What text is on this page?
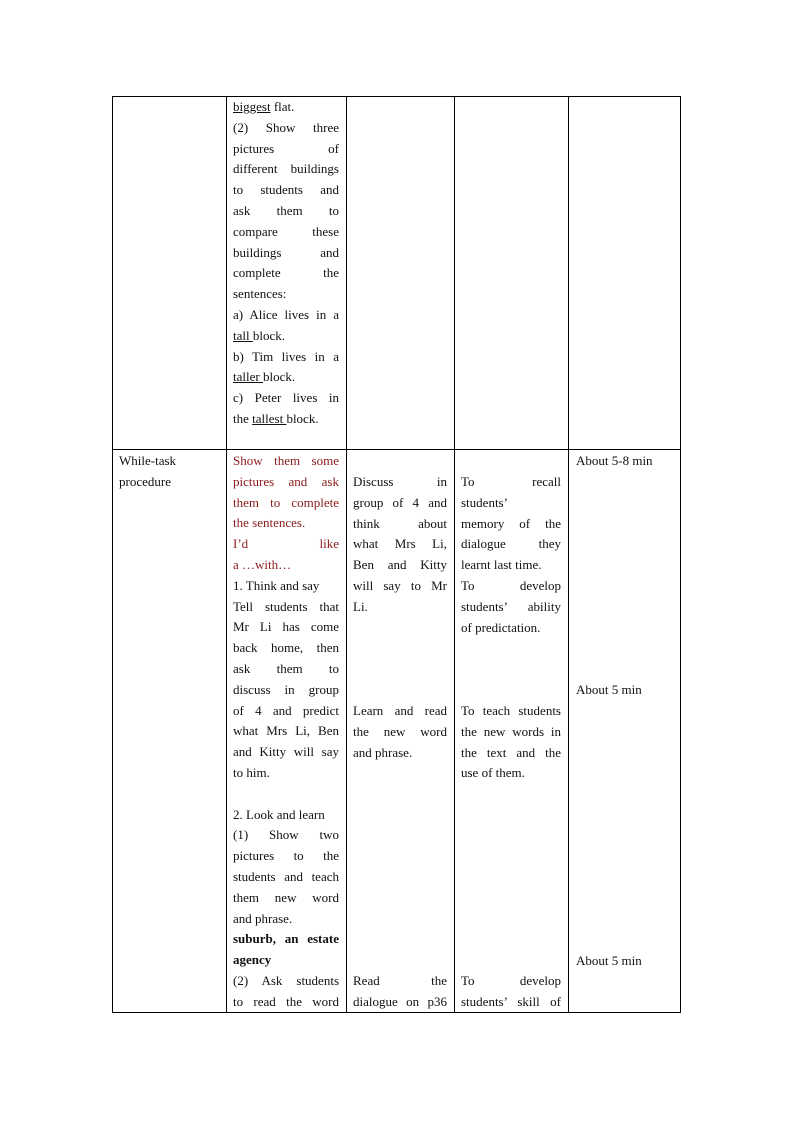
biggest flat.

(2) Show three

pictures of

different buildings

to students and

ask them to

compare these

buildings and

complete the

sentences:

a) Alice lives in a

tall block.

b) Tim lives in a

taller block.

c) Peter lives in

the tallest block.

While-task

procedure

Show them some

pictures and ask

them to complete

the sentences.

I’d like

a …with…

1. Think and say

Tell students that

Mr Li has come

back home, then

ask them to

discuss in group

of 4 and predict

what Mrs Li, Ben

and Kitty will say

to him.

2. Look and learn

(1) Show two

pictures to the

students and teach

them new word

and phrase.

suburb, an estate

agency

(2) Ask students

to read the word

Discuss in

group of 4 and

think about

what Mrs Li,

Ben and Kitty

will say to Mr

Li.

Learn and read

the new word

and phrase.

Read the

dialogue on p36

To recall

students’

memory of the

dialogue they

learnt last time.

To develop

students’ ability

of predictation.

To teach students

the new words in

the text and the

use of them.

To develop

students’ skill of

About 5-8 min
About 5 min
About 5 min
